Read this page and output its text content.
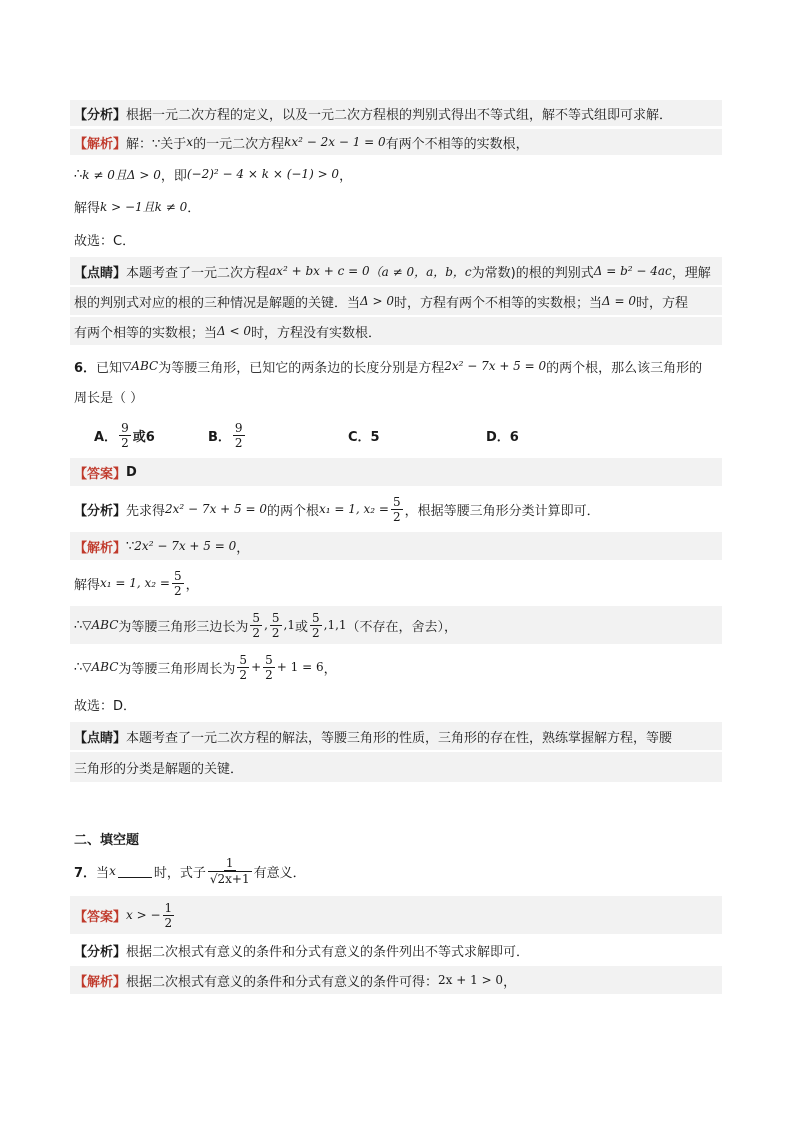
【分析】 根据一元二次方程的定义，以及一元二次方程根的判别式得出不等式组，解不等式组即可求解．
【解析】 解：∵关于 x 的一元二次方程 kx² − 2x − 1 = 0 有两个不相等的实数根，
∴ k ≠ 0且Δ > 0 ，即 (−2)² − 4 × k × (−1) > 0 ，
解得 k > −1且k ≠ 0 ．
故选：C．
【点睛】 本题考查了一元二次方程 ax² + bx + c = 0 （a ≠ 0，a，b，c 为常数)的根的判别式 Δ = b² − 4ac ，理解
根的判别式对应的根的三种情况是解题的关键．当 Δ > 0 时，方程有两个不相等的实数根；当 Δ = 0 时，方程
有两个相等的实数根；当 Δ < 0 时，方程没有实数根．
6． 已知 ▽ABC 为等腰三角形，已知它的两条边的长度分别是方程 2x² − 7x + 5 = 0 的两个根，那么该三角形的
周长是（ ）
A． $\frac{9}{2}$ 或6	B． $\frac{9}{2}$	C．5	D．6
【答案】 D
【分析】 先求得 2x² − 7x + 5 = 0 的两个根 x₁ = 1, $x_2 = \frac{5}{2}$ ，根据等腰三角形分类计算即可．
【解析】 ∵ 2x² − 7x + 5 = 0 ，
解得 x₁ = 1, $x_2 = \frac{5}{2}$ ，
∴ ▽ABC 为等腰三角形三边长为 $\frac{5}{2}$ , $\frac{5}{2} ,1$ 或 $\frac{5}{2} ,1,1$ （不存在，舍去），
∴ ▽ABC 为等腰三角形周长为 $\frac{5}{2} + \frac{5}{2} + 1 = 6$ ，
故选：D．
【点睛】 本题考查了一元二次方程的解法，等腰三角形的性质，三角形的存在性，熟练掌握解方程，等腰
三角形的分类是解题的关键．
二、填空题
7． 当 x	时，式子 $\frac{1}{√2x+1}$ 有意义．
【答案】 x > − $\frac{1}{2}$
【分析】 根据二次根式有意义的条件和分式有意义的条件列出不等式求解即可．
【解析】 根据二次根式有意义的条件和分式有意义的条件可得： 2x + 1 > 0 ，
